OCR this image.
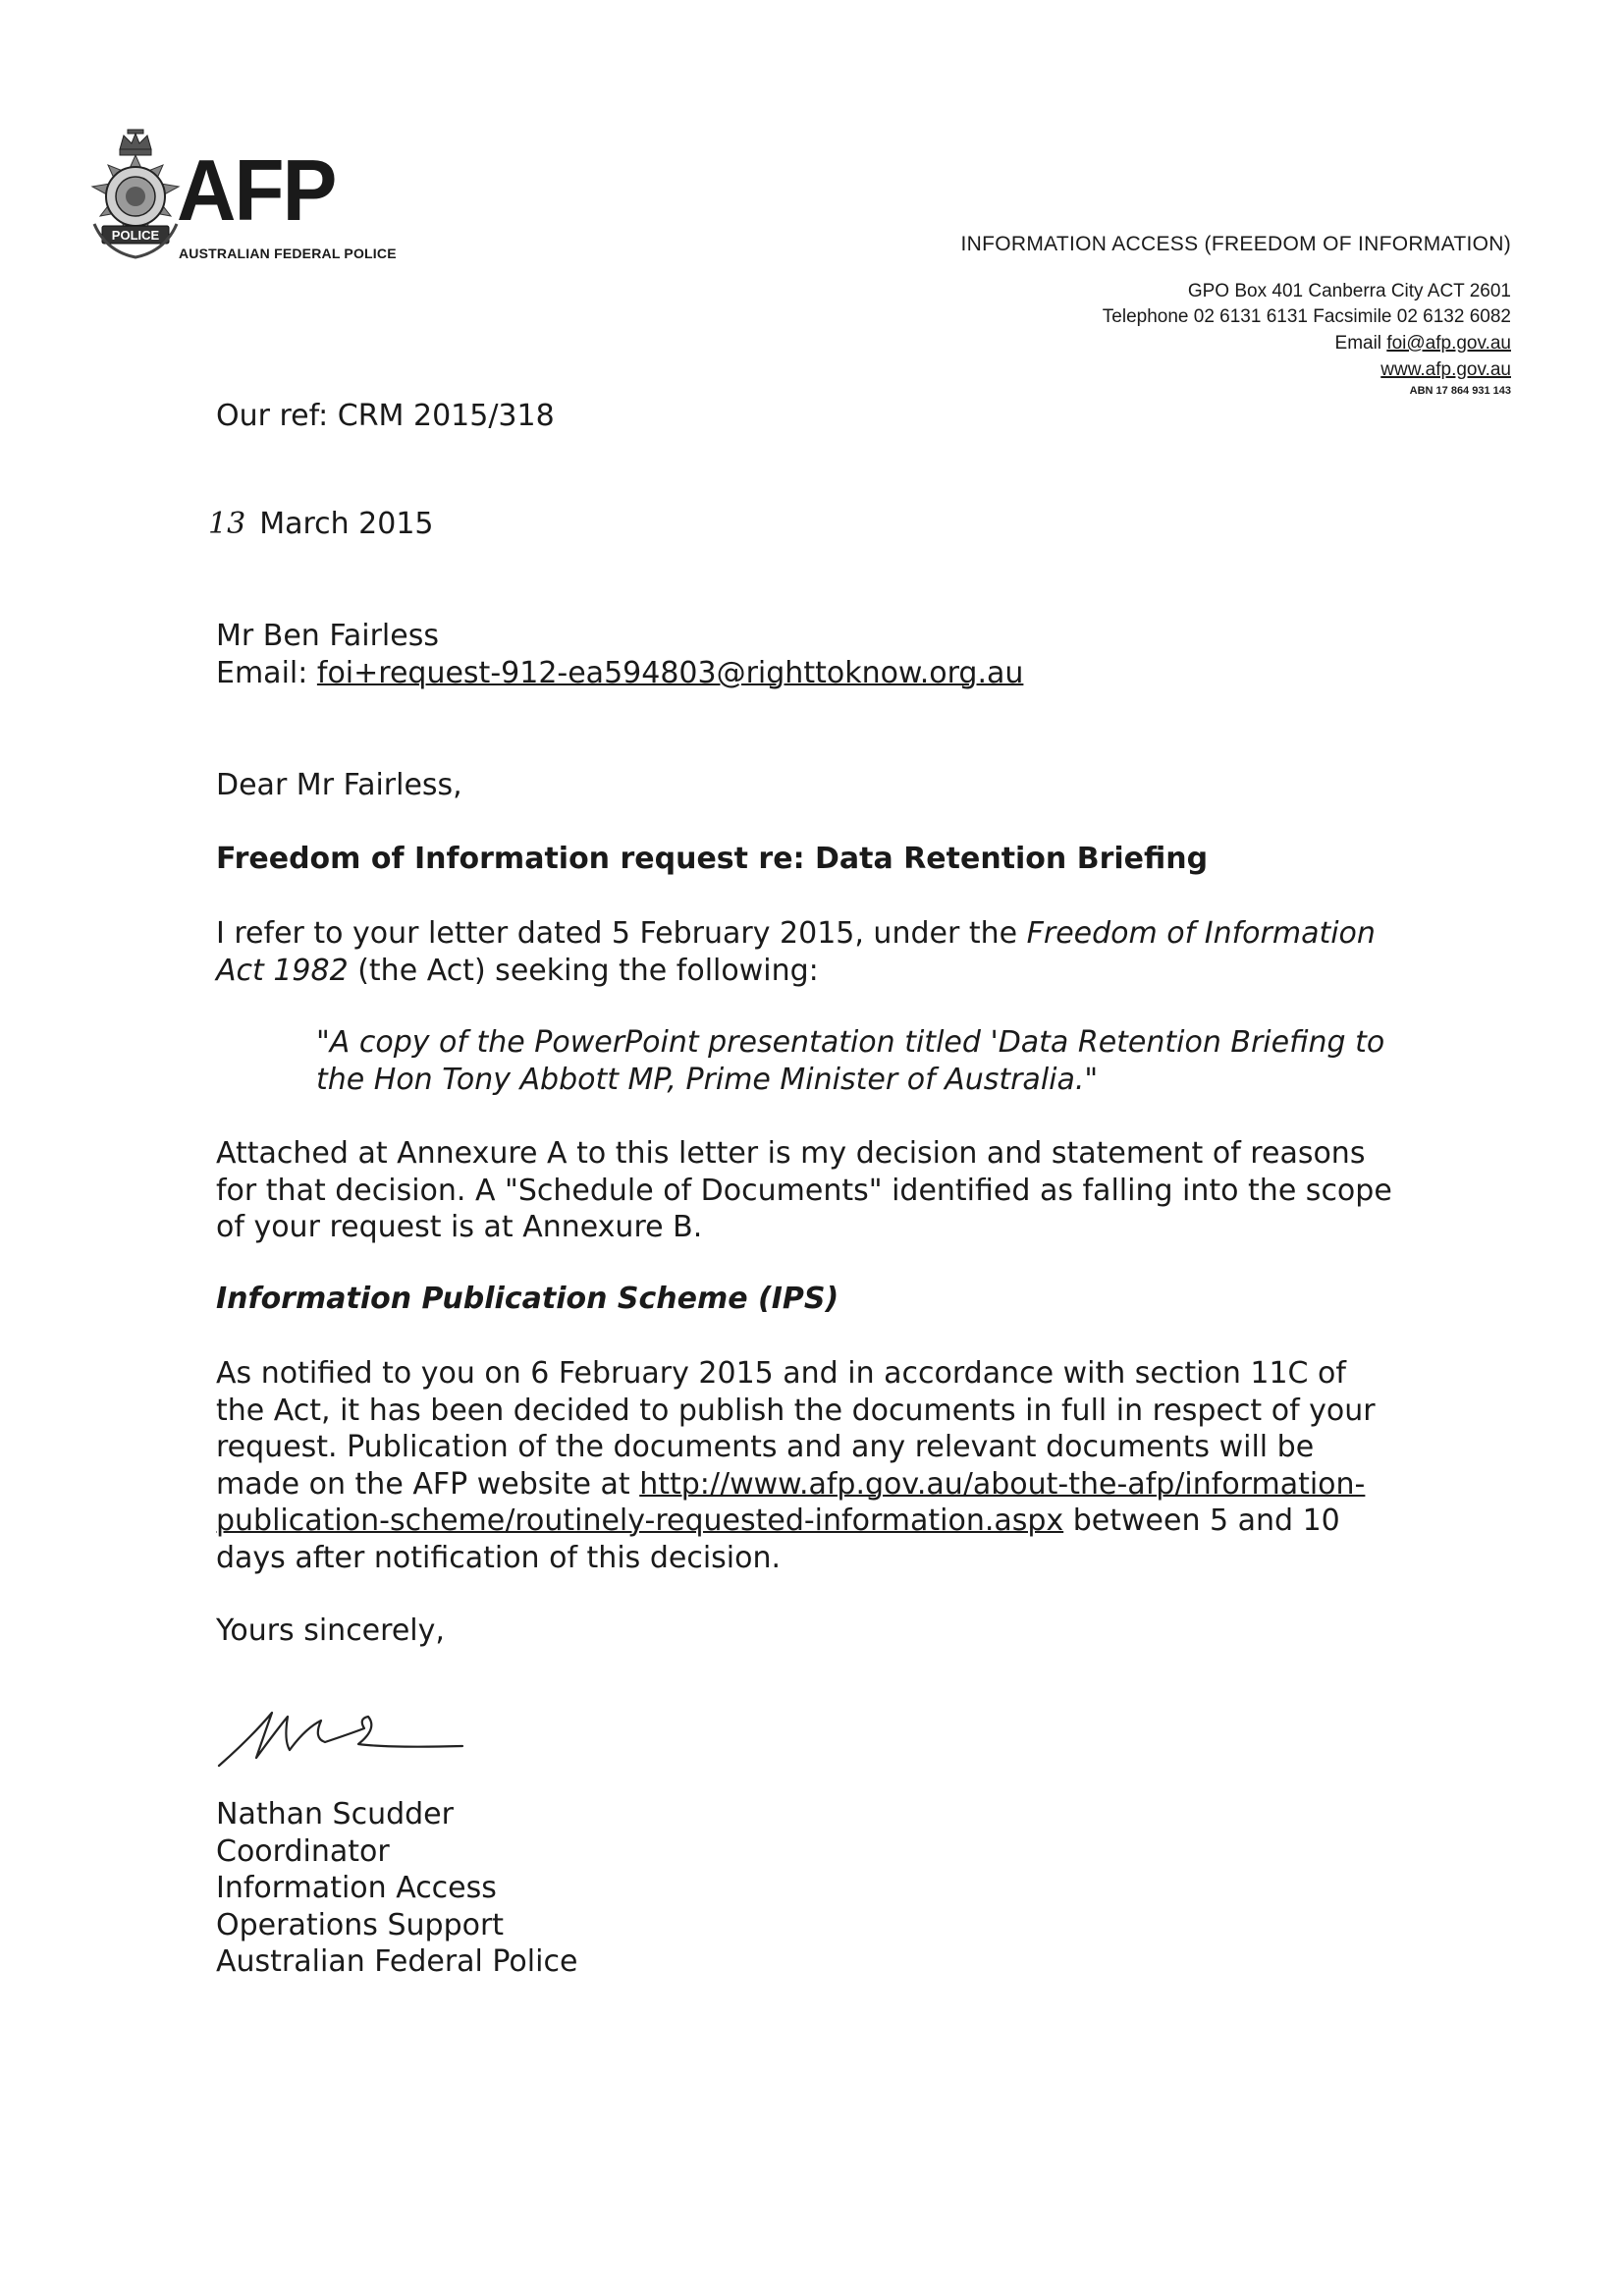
POLICE AFP
AUSTRALIAN FEDERAL POLICE	INFORMATION ACCESS (FREEDOM OF INFORMATION)
GPO Box 401 Canberra City ACT 2601
Telephone 02 6131 6131 Facsimile 02 6132 6082
Email foi@afp.gov.au
www.afp.gov.au
ABN 17 864 931 143
Our ref: CRM 2015/318
13 March 2015
Mr Ben Fairless
Email: foi+request-912-ea594803@righttoknow.org.au
Dear Mr Fairless,
Freedom of Information request re: Data Retention Briefing
I refer to your letter dated 5 February 2015, under the Freedom of Information
Act 1982 (the Act) seeking the following:
"A copy of the PowerPoint presentation titled 'Data Retention Briefing to
the Hon Tony Abbott MP, Prime Minister of Australia."
Attached at Annexure A to this letter is my decision and statement of reasons
for that decision. A "Schedule of Documents" identified as falling into the scope
of your request is at Annexure B.
Information Publication Scheme (IPS)
As notified to you on 6 February 2015 and in accordance with section 11C of
the Act, it has been decided to publish the documents in full in respect of your
request. Publication of the documents and any relevant documents will be
made on the AFP website at http://www.afp.gov.au/about-the-afp/information-
publication-scheme/routinely-requested-information.aspx between 5 and 10
days after notification of this decision.
Yours sincerely,
Nathan Scudder
Coordinator
Information Access
Operations Support
Australian Federal Police
